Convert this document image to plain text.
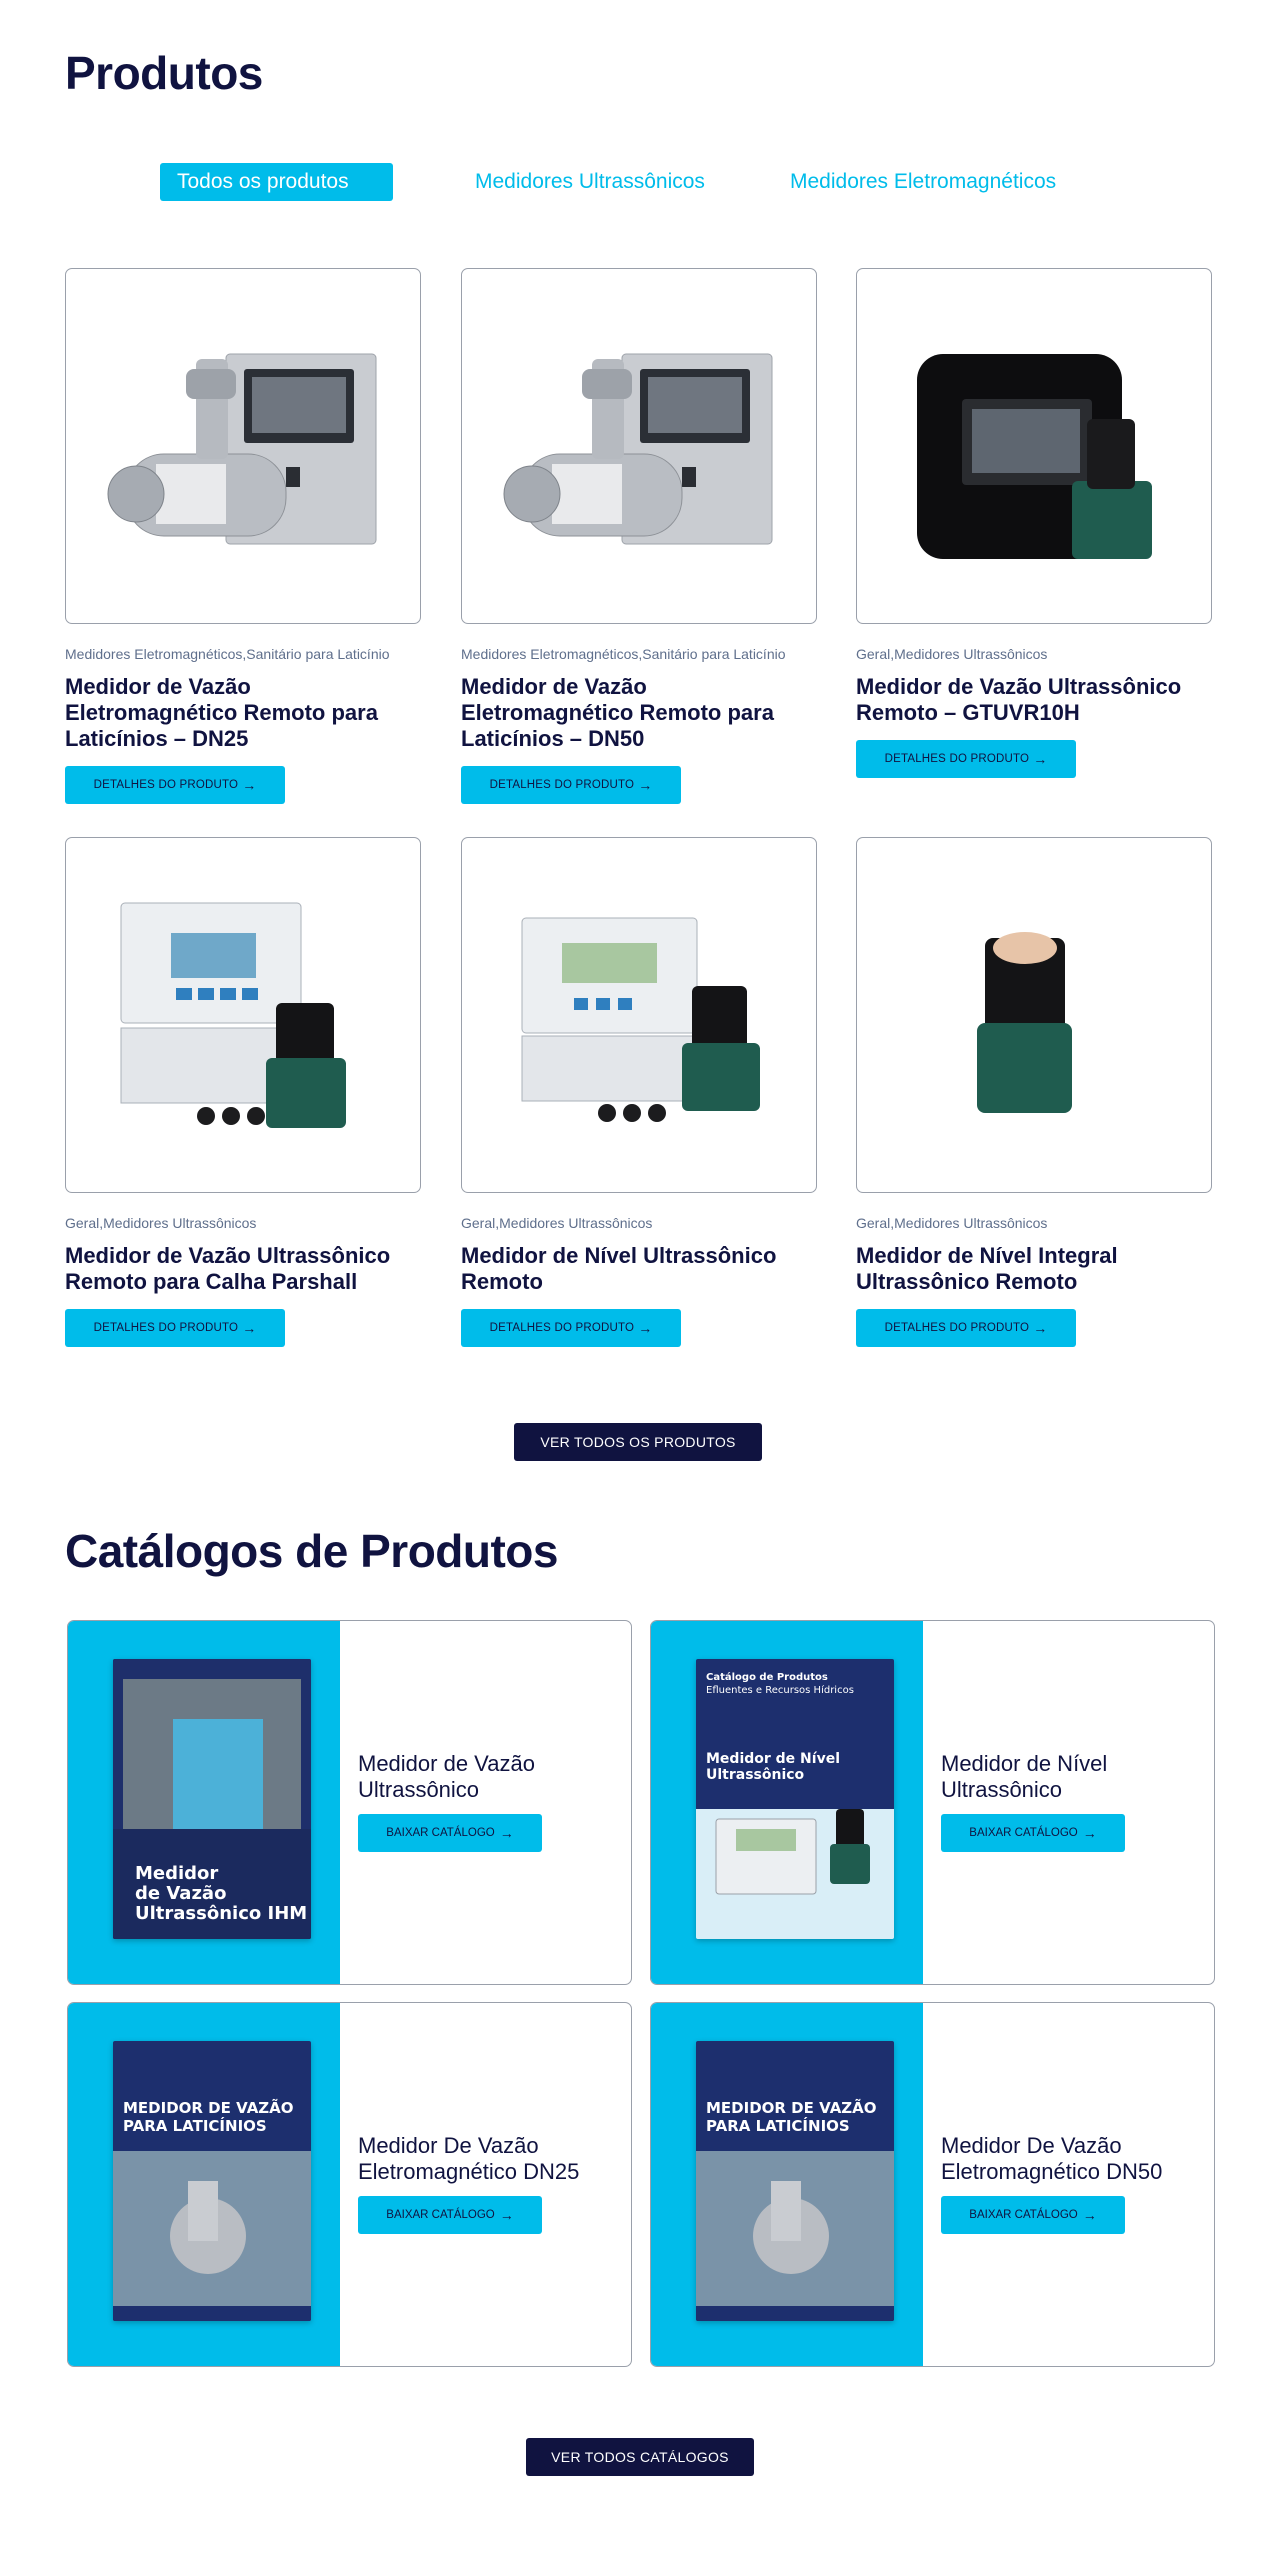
Produtos
Todos os produtos	Medidores Ultrassônicos	Medidores Eletromagnéticos
Medidores Eletromagnéticos,Sanitário para Laticínio
Medidor de Vazão Eletromagnético Remoto para Laticínios – DN25
DETALHES DO PRODUTO →
Medidores Eletromagnéticos,Sanitário para Laticínio
Medidor de Vazão Eletromagnético Remoto para Laticínios – DN50
DETALHES DO PRODUTO →
Geral,Medidores Ultrassônicos
Medidor de Vazão Ultrassônico Remoto – GTUVR10H
DETALHES DO PRODUTO →
Geral,Medidores Ultrassônicos
Medidor de Vazão Ultrassônico Remoto para Calha Parshall
DETALHES DO PRODUTO →
Geral,Medidores Ultrassônicos
Medidor de Nível Ultrassônico Remoto
DETALHES DO PRODUTO →
Geral,Medidores Ultrassônicos
Medidor de Nível Integral Ultrassônico Remoto
DETALHES DO PRODUTO →
VER TODOS OS PRODUTOS
Catálogos de Produtos
Medidor
de Vazão
Ultrassônico IHM
Medidor de Vazão Ultrassônico
BAIXAR CATÁLOGO →
Catálogo de Produtos
Efluentes e Recursos Hídricos
Medidor de Nível
Ultrassônico	Medidor de Nível Ultrassônico
BAIXAR CATÁLOGO →
MEDIDOR DE VAZÃO
PARA LATICÍNIOS
Medidor De Vazão Eletromagnético DN25
BAIXAR CATÁLOGO →
MEDIDOR DE VAZÃO
PARA LATICÍNIOS
Medidor De Vazão Eletromagnético DN50
BAIXAR CATÁLOGO →
VER TODOS CATÁLOGOS
